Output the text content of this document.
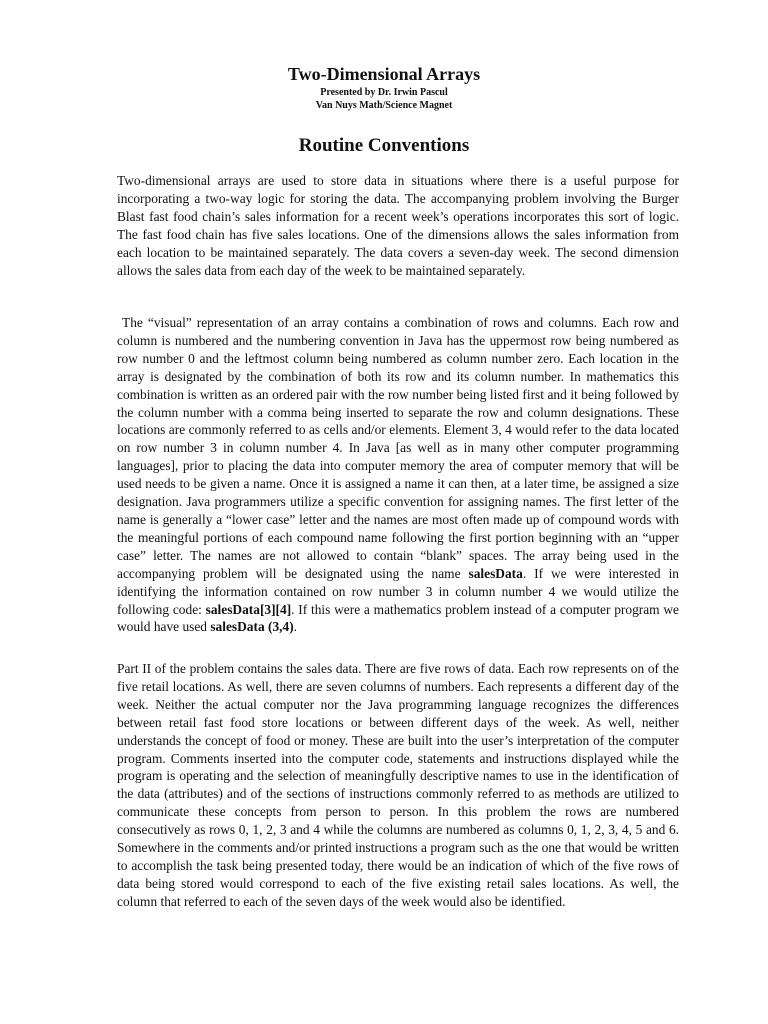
Two-Dimensional Arrays
Presented by Dr. Irwin Pascul
Van Nuys Math/Science Magnet
Routine Conventions

Two-dimensional arrays are used to store data in situations where there is a useful purpose for incorporating a two-way logic for storing the data. The accompanying problem involving the Burger Blast fast food chain’s sales information for a recent week’s operations incorporates this sort of logic. The fast food chain has five sales locations. One of the dimensions allows the sales information from each location to be maintained separately. The data covers a seven-day week. The second dimension allows the sales data from each day of the week to be maintained separately.

The “visual” representation of an array contains a combination of rows and columns. Each row and column is numbered and the numbering convention in Java has the uppermost row being numbered as row number 0 and the leftmost column being numbered as column number zero. Each location in the array is designated by the combination of both its row and its column number. In mathematics this combination is written as an ordered pair with the row number being listed first and it being followed by the column number with a comma being inserted to separate the row and column designations. These locations are commonly referred to as cells and/or elements. Element 3, 4 would refer to the data located on row number 3 in column number 4. In Java [as well as in many other computer programming languages], prior to placing the data into computer memory the area of computer memory that will be used needs to be given a name. Once it is assigned a name it can then, at a later time, be assigned a size designation. Java programmers utilize a specific convention for assigning names. The first letter of the name is generally a “lower case” letter and the names are most often made up of compound words with the meaningful portions of each compound name following the first portion beginning with an “upper case” letter. The names are not allowed to contain “blank” spaces. The array being used in the accompanying problem will be designated using the name salesData. If we were interested in identifying the information contained on row number 3 in column number 4 we would utilize the following code: salesData[3][4]. If this were a mathematics problem instead of a computer program we would have used salesData (3,4).

Part II of the problem contains the sales data. There are five rows of data. Each row represents on of the five retail locations. As well, there are seven columns of numbers. Each represents a different day of the week. Neither the actual computer nor the Java programming language recognizes the differences between retail fast food store locations or between different days of the week. As well, neither understands the concept of food or money. These are built into the user’s interpretation of the computer program. Comments inserted into the computer code, statements and instructions displayed while the program is operating and the selection of meaningfully descriptive names to use in the identification of the data (attributes) and of the sections of instructions commonly referred to as methods are utilized to communicate these concepts from person to person. In this problem the rows are numbered consecutively as rows 0, 1, 2, 3 and 4 while the columns are numbered as columns 0, 1, 2, 3, 4, 5 and 6. Somewhere in the comments and/or printed instructions a program such as the one that would be written to accomplish the task being presented today, there would be an indication of which of the five rows of data being stored would correspond to each of the five existing retail sales locations. As well, the column that referred to each of the seven days of the week would also be identified.
